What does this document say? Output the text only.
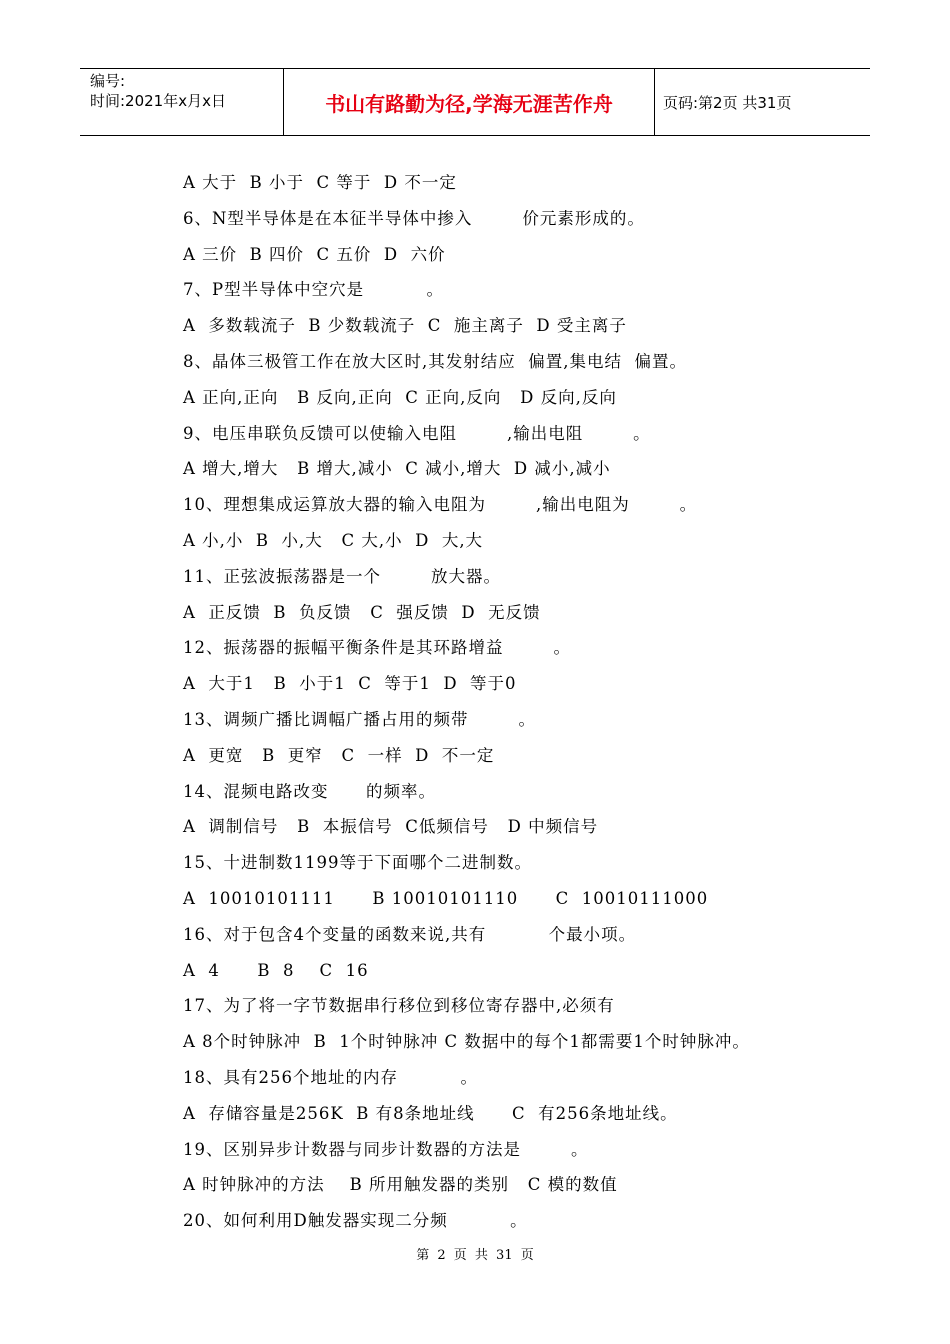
编号:
时间:2021年x月x日	书山有路勤为径,学海无涯苦作舟	页码:第2页 共31页
A 大于  B 小于  C 等于  D 不一定
6、N型半导体是在本征半导体中掺入        价元素形成的。
A 三价  B 四价  C 五价  D  六价
7、P型半导体中空穴是          。
A  多数载流子  B 少数载流子  C  施主离子  D 受主离子
8、晶体三极管工作在放大区时,其发射结应  偏置,集电结  偏置。
A 正向,正向   B 反向,正向  C 正向,反向   D 反向,反向
9、电压串联负反馈可以使输入电阻        ,输出电阻        。
A 增大,增大   B 增大,减小  C 减小,增大  D 减小,减小
10、理想集成运算放大器的输入电阻为        ,输出电阻为        。
A 小,小  B  小,大   C 大,小  D  大,大
11、正弦波振荡器是一个        放大器。
A  正反馈  B  负反馈   C  强反馈  D  无反馈
12、振荡器的振幅平衡条件是其环路增益        。
A  大于1   B  小于1  C  等于1  D  等于0
13、调频广播比调幅广播占用的频带        。
A  更宽   B  更窄   C  一样  D  不一定
14、混频电路改变      的频率。
A  调制信号   B  本振信号  C低频信号   D 中频信号
15、十进制数1199等于下面哪个二进制数。
A  10010101111      B 10010101110      C  10010111000
16、对于包含4个变量的函数来说,共有          个最小项。
A  4      B  8    C  16
17、为了将一字节数据串行移位到移位寄存器中,必须有
A 8个时钟脉冲  B  1个时钟脉冲 C 数据中的每个1都需要1个时钟脉冲。
18、具有256个地址的内存          。
A  存储容量是256K  B 有8条地址线      C  有256条地址线。
19、区别异步计数器与同步计数器的方法是        。
A 时钟脉冲的方法    B 所用触发器的类别   C 模的数值
20、如何利用D触发器实现二分频          。
第 2 页 共 31 页
